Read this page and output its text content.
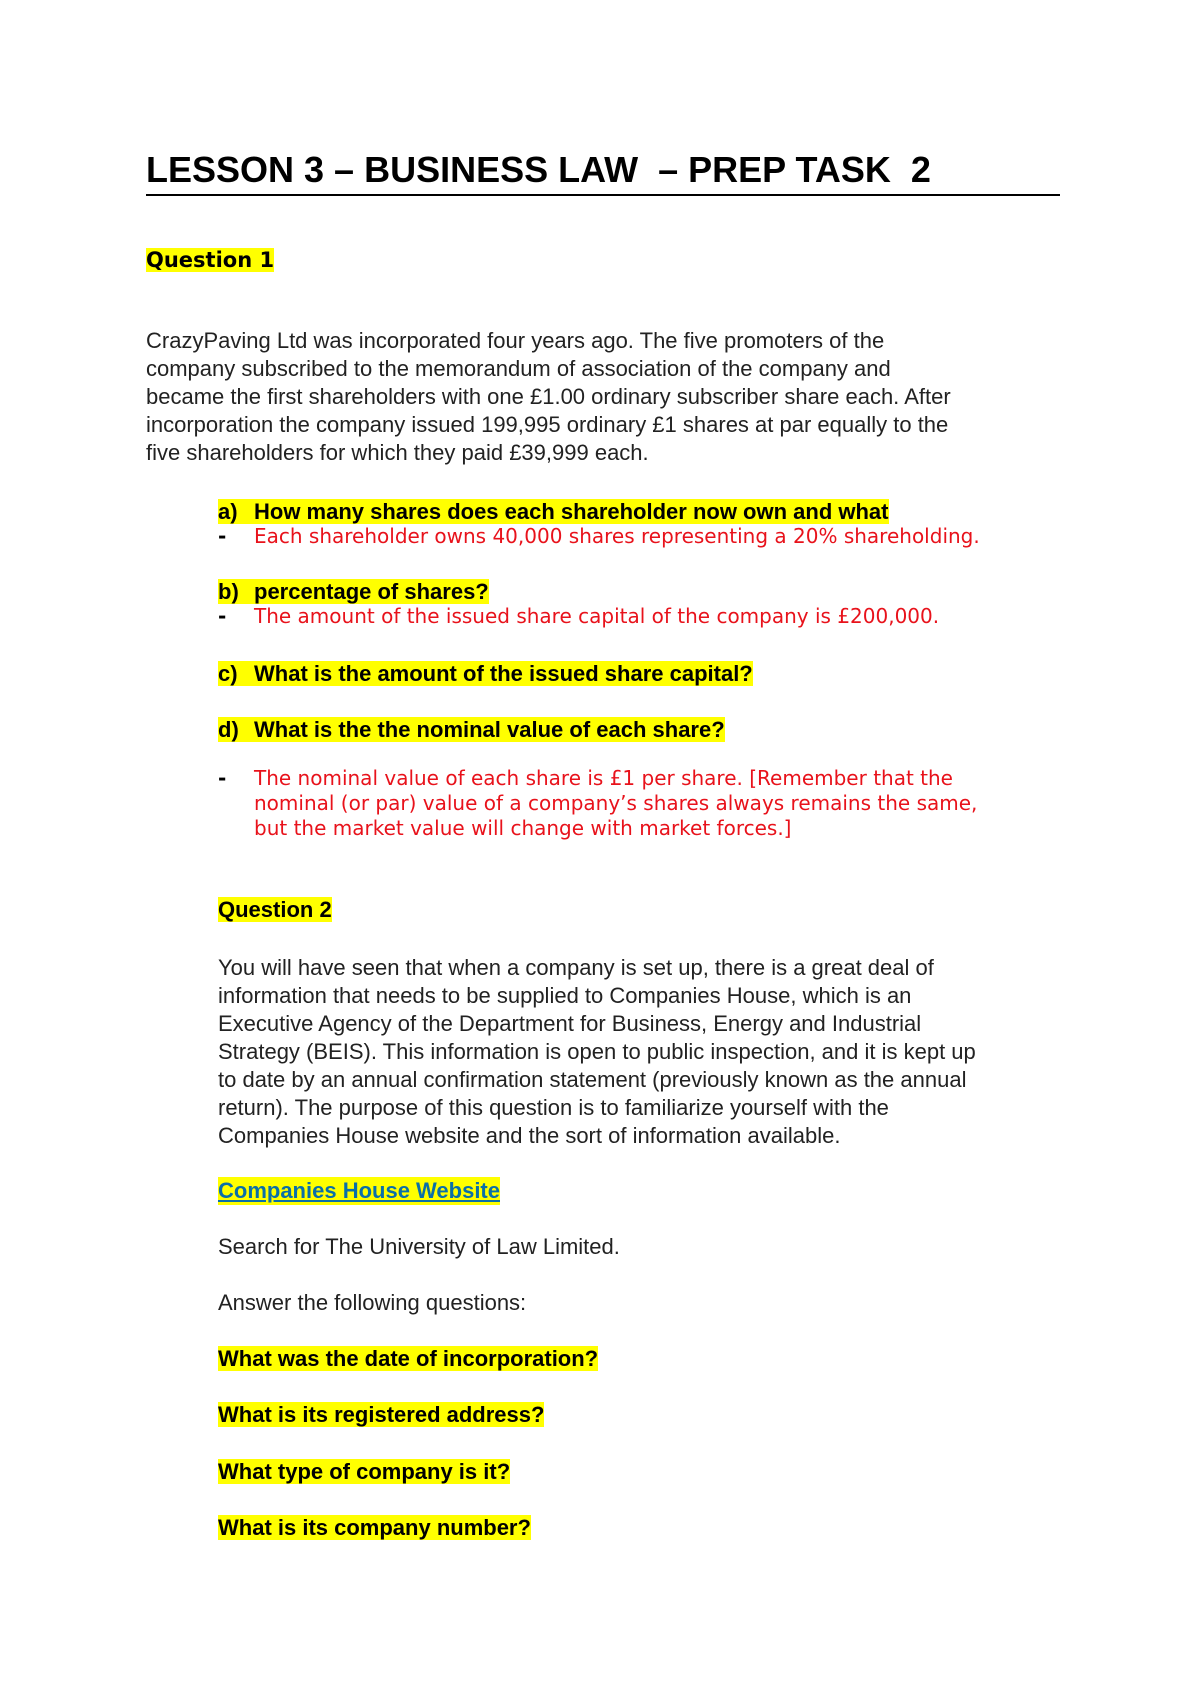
LESSON 3 – BUSINESS LAW  – PREP TASK  2
Question 1
CrazyPaving Ltd was incorporated four years ago. The five promoters of the
company subscribed to the memorandum of association of the company and
became the first shareholders with one £1.00 ordinary subscriber share each. After
incorporation the company issued 199,995 ordinary £1 shares at par equally to the
five shareholders for which they paid £39,999 each.
a) How many shares does each shareholder now own and what
- Each shareholder owns 40,000 shares representing a 20% shareholding.
b) percentage of shares?
- The amount of the issued share capital of the company is £200,000.
c) What is the amount of the issued share capital?
d) What is the the nominal value of each share?
- The nominal value of each share is £1 per share. [Remember that the
nominal (or par) value of a company’s shares always remains the same,
but the market value will change with market forces.]
Question 2
You will have seen that when a company is set up, there is a great deal of
information that needs to be supplied to Companies House, which is an
Executive Agency of the Department for Business, Energy and Industrial
Strategy (BEIS). This information is open to public inspection, and it is kept up
to date by an annual confirmation statement (previously known as the annual
return). The purpose of this question is to familiarize yourself with the
Companies House website and the sort of information available.
Companies House Website
Search for The University of Law Limited.
Answer the following questions:
What was the date of incorporation?
What is its registered address?
What type of company is it?
What is its company number?
